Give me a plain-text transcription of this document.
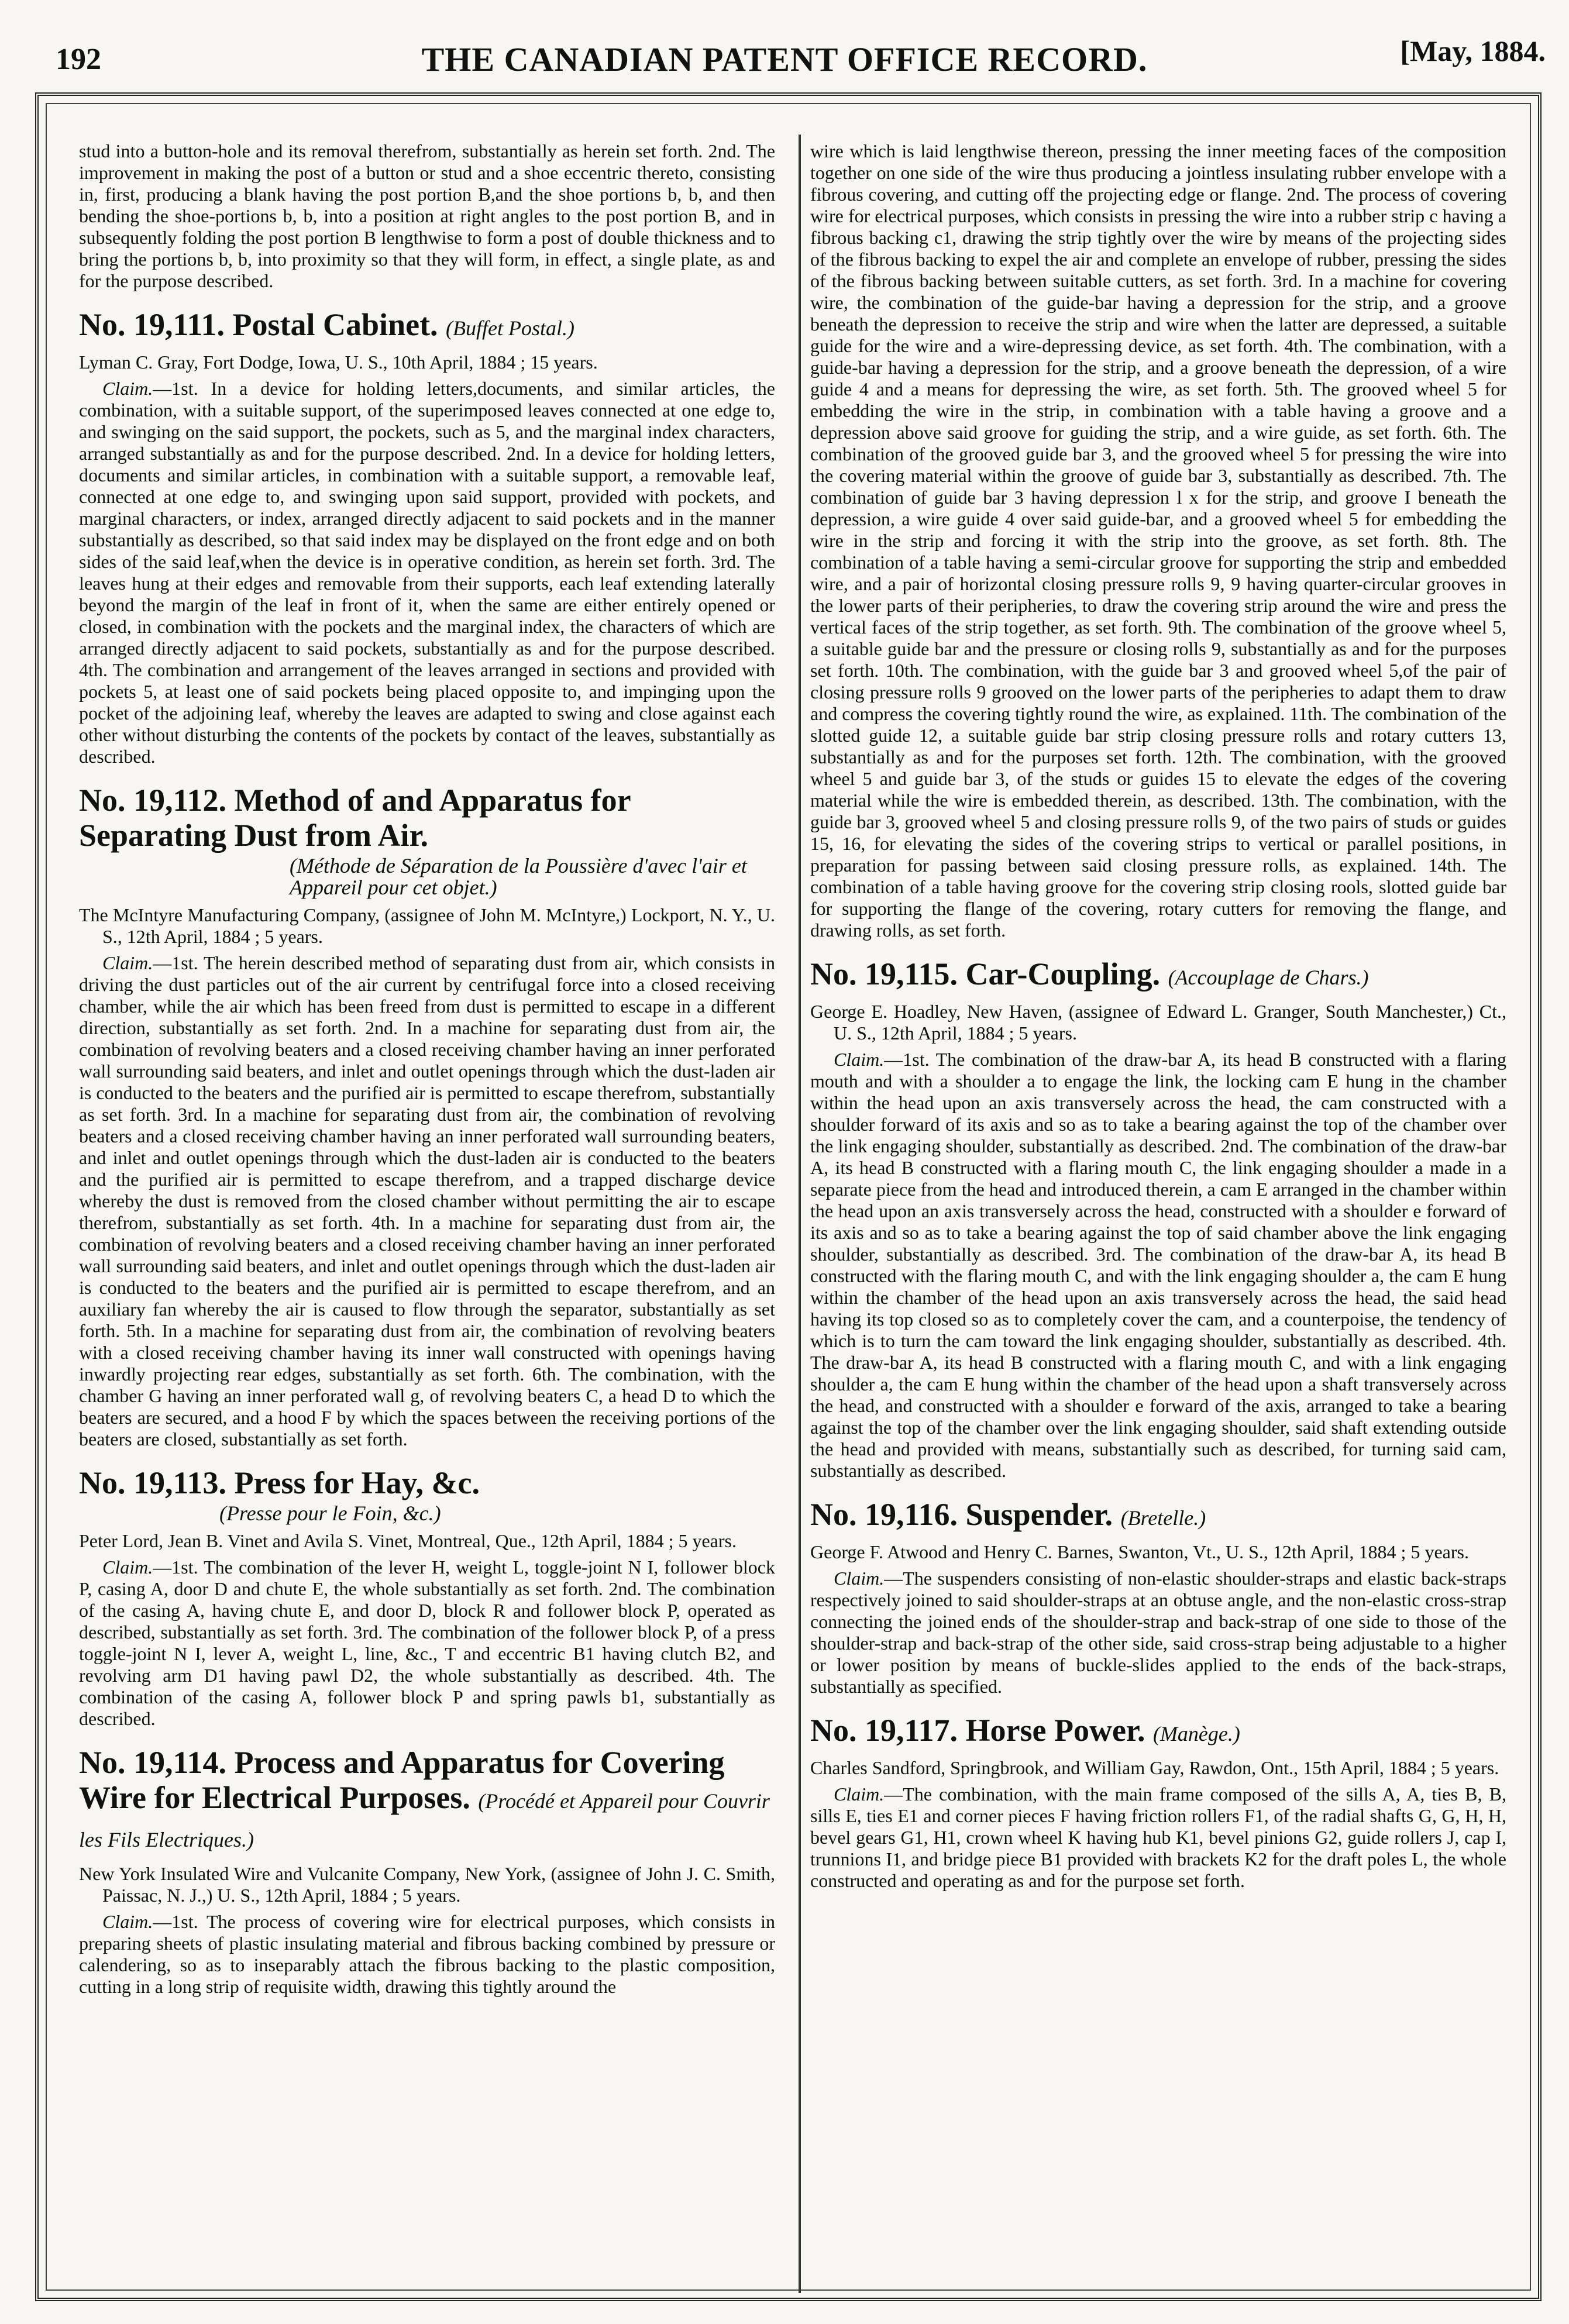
192	THE CANADIAN PATENT OFFICE RECORD.	[May, 1884.

stud into a button-hole and its removal therefrom, substantially as herein set forth. 2nd. The improvement in making the post of a button or stud and a shoe eccentric thereto, consisting in, first, producing a blank having the post portion B,and the shoe portions b, b, and then bending the shoe-portions b, b, into a position at right angles to the post portion B, and in subsequently folding the post portion B lengthwise to form a post of double thickness and to bring the portions b, b, into proximity so that they will form, in effect, a single plate, as and for the purpose described.

No. 19,111. Postal Cabinet. (Buffet Postal.)

Lyman C. Gray, Fort Dodge, Iowa, U. S., 10th April, 1884 ; 15 years.

Claim.—1st. In a device for holding letters,documents, and similar articles, the combination, with a suitable support, of the superimposed leaves connected at one edge to, and swinging on the said support, the pockets, such as 5, and the marginal index characters, arranged substantially as and for the purpose described. 2nd. In a device for holding letters, documents and similar articles, in combination with a suitable support, a removable leaf, connected at one edge to, and swinging upon said support, provided with pockets, and marginal characters, or index, arranged directly adjacent to said pockets and in the manner substantially as described, so that said index may be displayed on the front edge and on both sides of the said leaf,when the device is in operative condition, as herein set forth. 3rd. The leaves hung at their edges and removable from their supports, each leaf extending laterally beyond the margin of the leaf in front of it, when the same are either entirely opened or closed, in combination with the pockets and the marginal index, the characters of which are arranged directly adjacent to said pockets, substantially as and for the purpose described. 4th. The combination and arrangement of the leaves arranged in sections and provided with pockets 5, at least one of said pockets being placed opposite to, and impinging upon the pocket of the adjoining leaf, whereby the leaves are adapted to swing and close against each other without disturbing the contents of the pockets by contact of the leaves, substantially as described.

No. 19,112. Method of and Apparatus for Separating Dust from Air.
(Méthode de Séparation de la Poussière d'avec l'air et Appareil pour cet objet.)

The McIntyre Manufacturing Company, (assignee of John M. McIntyre,) Lockport, N. Y., U. S., 12th April, 1884 ; 5 years.

Claim.—1st. The herein described method of separating dust from air, which consists in driving the dust particles out of the air current by centrifugal force into a closed receiving chamber, while the air which has been freed from dust is permitted to escape in a different direction, substantially as set forth. 2nd. In a machine for separating dust from air, the combination of revolving beaters and a closed receiving chamber having an inner perforated wall surrounding said beaters, and inlet and outlet openings through which the dust-laden air is conducted to the beaters and the purified air is permitted to escape therefrom, substantially as set forth. 3rd. In a machine for separating dust from air, the combination of revolving beaters and a closed receiving chamber having an inner perforated wall surrounding beaters, and inlet and outlet openings through which the dust-laden air is conducted to the beaters and the purified air is permitted to escape therefrom, and a trapped discharge device whereby the dust is removed from the closed chamber without permitting the air to escape therefrom, substantially as set forth. 4th. In a machine for separating dust from air, the combination of revolving beaters and a closed receiving chamber having an inner perforated wall surrounding said beaters, and inlet and outlet openings through which the dust-laden air is conducted to the beaters and the purified air is permitted to escape therefrom, and an auxiliary fan whereby the air is caused to flow through the separator, substantially as set forth. 5th. In a machine for separating dust from air, the combination of revolving beaters with a closed receiving chamber having its inner wall constructed with openings having inwardly projecting rear edges, substantially as set forth. 6th. The combination, with the chamber G having an inner perforated wall g, of revolving beaters C, a head D to which the beaters are secured, and a hood F by which the spaces between the receiving portions of the beaters are closed, substantially as set forth.

No. 19,113. Press for Hay, &c.
(Presse pour le Foin, &c.)

Peter Lord, Jean B. Vinet and Avila S. Vinet, Montreal, Que., 12th April, 1884 ; 5 years.

Claim.—1st. The combination of the lever H, weight L, toggle-joint N I, follower block P, casing A, door D and chute E, the whole substantially as set forth. 2nd. The combination of the casing A, having chute E, and door D, block R and follower block P, operated as described, substantially as set forth. 3rd. The combination of the follower block P, of a press toggle-joint N I, lever A, weight L, line, &c., T and eccentric B1 having clutch B2, and revolving arm D1 having pawl D2, the whole substantially as described. 4th. The combination of the casing A, follower block P and spring pawls b1, substantially as described.

No. 19,114. Process and Apparatus for Covering Wire for Electrical Purposes. (Procédé et Appareil pour Couvrir les Fils Electriques.)

New York Insulated Wire and Vulcanite Company, New York, (assignee of John J. C. Smith, Paissac, N. J.,) U. S., 12th April, 1884 ; 5 years.

Claim.—1st. The process of covering wire for electrical purposes, which consists in preparing sheets of plastic insulating material and fibrous backing combined by pressure or calendering, so as to inseparably attach the fibrous backing to the plastic composition, cutting in a long strip of requisite width, drawing this tightly around the

wire which is laid lengthwise thereon, pressing the inner meeting faces of the composition together on one side of the wire thus producing a jointless insulating rubber envelope with a fibrous covering, and cutting off the projecting edge or flange. 2nd. The process of covering wire for electrical purposes, which consists in pressing the wire into a rubber strip c having a fibrous backing c1, drawing the strip tightly over the wire by means of the projecting sides of the fibrous backing to expel the air and complete an envelope of rubber, pressing the sides of the fibrous backing between suitable cutters, as set forth. 3rd. In a machine for covering wire, the combination of the guide-bar having a depression for the strip, and a groove beneath the depression to receive the strip and wire when the latter are depressed, a suitable guide for the wire and a wire-depressing device, as set forth. 4th. The combination, with a guide-bar having a depression for the strip, and a groove beneath the depression, of a wire guide 4 and a means for depressing the wire, as set forth. 5th. The grooved wheel 5 for embedding the wire in the strip, in combination with a table having a groove and a depression above said groove for guiding the strip, and a wire guide, as set forth. 6th. The combination of the grooved guide bar 3, and the grooved wheel 5 for pressing the wire into the covering material within the groove of guide bar 3, substantially as described. 7th. The combination of guide bar 3 having depression l x for the strip, and groove I beneath the depression, a wire guide 4 over said guide-bar, and a grooved wheel 5 for embedding the wire in the strip and forcing it with the strip into the groove, as set forth. 8th. The combination of a table having a semi-circular groove for supporting the strip and embedded wire, and a pair of horizontal closing pressure rolls 9, 9 having quarter-circular grooves in the lower parts of their peripheries, to draw the covering strip around the wire and press the vertical faces of the strip together, as set forth. 9th. The combination of the groove wheel 5, a suitable guide bar and the pressure or closing rolls 9, substantially as and for the purposes set forth. 10th. The combination, with the guide bar 3 and grooved wheel 5,of the pair of closing pressure rolls 9 grooved on the lower parts of the peripheries to adapt them to draw and compress the covering tightly round the wire, as explained. 11th. The combination of the slotted guide 12, a suitable guide bar strip closing pressure rolls and rotary cutters 13, substantially as and for the purposes set forth. 12th. The combination, with the grooved wheel 5 and guide bar 3, of the studs or guides 15 to elevate the edges of the covering material while the wire is embedded therein, as described. 13th. The combination, with the guide bar 3, grooved wheel 5 and closing pressure rolls 9, of the two pairs of studs or guides 15, 16, for elevating the sides of the covering strips to vertical or parallel positions, in preparation for passing between said closing pressure rolls, as explained. 14th. The combination of a table having groove for the covering strip closing rools, slotted guide bar for supporting the flange of the covering, rotary cutters for removing the flange, and drawing rolls, as set forth.

No. 19,115. Car-Coupling. (Accouplage de Chars.)

George E. Hoadley, New Haven, (assignee of Edward L. Granger, South Manchester,) Ct., U. S., 12th April, 1884 ; 5 years.

Claim.—1st. The combination of the draw-bar A, its head B constructed with a flaring mouth and with a shoulder a to engage the link, the locking cam E hung in the chamber within the head upon an axis transversely across the head, the cam constructed with a shoulder forward of its axis and so as to take a bearing against the top of the chamber over the link engaging shoulder, substantially as described. 2nd. The combination of the draw-bar A, its head B constructed with a flaring mouth C, the link engaging shoulder a made in a separate piece from the head and introduced therein, a cam E arranged in the chamber within the head upon an axis transversely across the head, constructed with a shoulder e forward of its axis and so as to take a bearing against the top of said chamber above the link engaging shoulder, substantially as described. 3rd. The combination of the draw-bar A, its head B constructed with the flaring mouth C, and with the link engaging shoulder a, the cam E hung within the chamber of the head upon an axis transversely across the head, the said head having its top closed so as to completely cover the cam, and a counterpoise, the tendency of which is to turn the cam toward the link engaging shoulder, substantially as described. 4th. The draw-bar A, its head B constructed with a flaring mouth C, and with a link engaging shoulder a, the cam E hung within the chamber of the head upon a shaft transversely across the head, and constructed with a shoulder e forward of the axis, arranged to take a bearing against the top of the chamber over the link engaging shoulder, said shaft extending outside the head and provided with means, substantially such as described, for turning said cam, substantially as described.

No. 19,116. Suspender. (Bretelle.)

George F. Atwood and Henry C. Barnes, Swanton, Vt., U. S., 12th April, 1884 ; 5 years.

Claim.—The suspenders consisting of non-elastic shoulder-straps and elastic back-straps respectively joined to said shoulder-straps at an obtuse angle, and the non-elastic cross-strap connecting the joined ends of the shoulder-strap and back-strap of one side to those of the shoulder-strap and back-strap of the other side, said cross-strap being adjustable to a higher or lower position by means of buckle-slides applied to the ends of the back-straps, substantially as specified.

No. 19,117. Horse Power. (Manège.)

Charles Sandford, Springbrook, and William Gay, Rawdon, Ont., 15th April, 1884 ; 5 years.

Claim.—The combination, with the main frame composed of the sills A, A, ties B, B, sills E, ties E1 and corner pieces F having friction rollers F1, of the radial shafts G, G, H, H, bevel gears G1, H1, crown wheel K having hub K1, bevel pinions G2, guide rollers J, cap I, trunnions I1, and bridge piece B1 provided with brackets K2 for the draft poles L, the whole constructed and operating as and for the purpose set forth.
